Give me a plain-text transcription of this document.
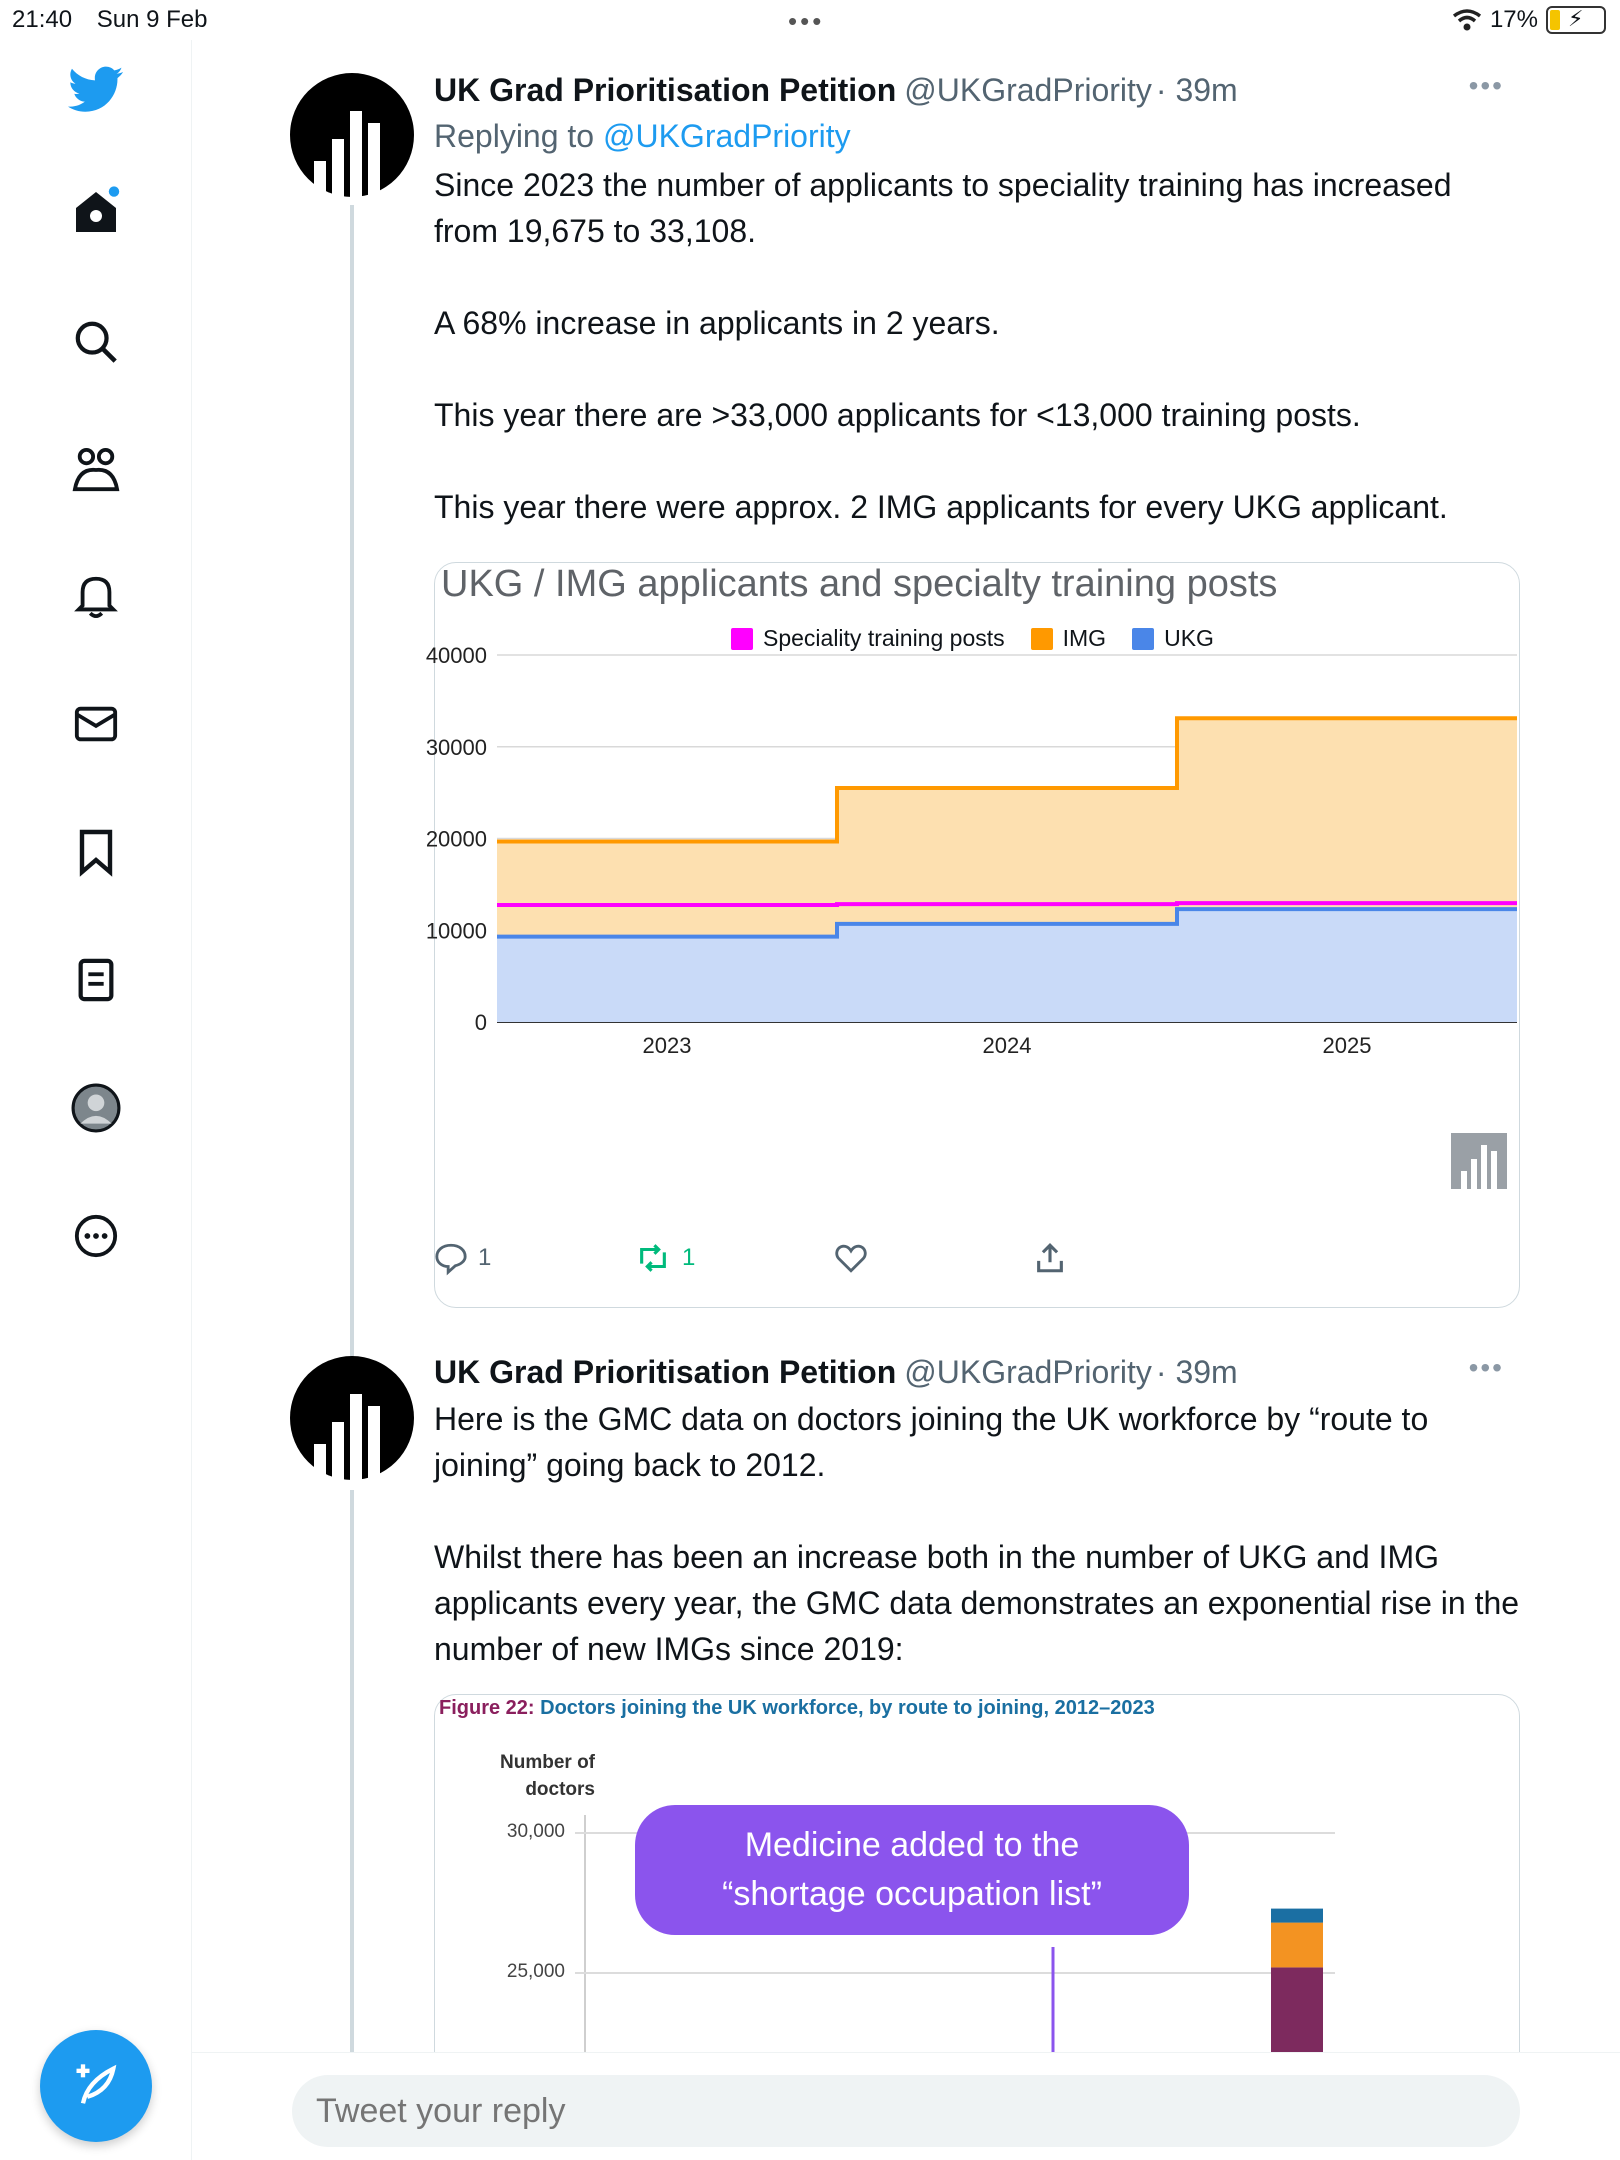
21:40 Sun 9 Feb	•••	17% ⚡
UK Grad Prioritisation Petition @UKGradPriority · 39m	•••
Replying to @UKGradPriority

Since 2023 the number of applicants to speciality training has increased from 19,675 to 33,108.

A 68% increase in applicants in 2 years.

This year there are >33,000 applicants for <13,000 training posts.

This year there were approx. 2 IMG applicants for every UKG applicant.

UKG / IMG applicants and specialty training posts
Speciality training posts	IMG	UKG
40000
30000
20000
10000
0
2023	2024	2025
1	1
UK Grad Prioritisation Petition @UKGradPriority · 39m	•••

Here is the GMC data on doctors joining the UK workforce by “route to joining” going back to 2012.

Whilst there has been an increase both in the number of UKG and IMG applicants every year, the GMC data demonstrates an exponential rise in the number of new IMGs since 2019:

Figure 22: Doctors joining the UK workforce, by route to joining, 2012–2023
Number of
doctors
30,000
25,000
Medicine added to the
“shortage occupation list”
Tweet your reply
